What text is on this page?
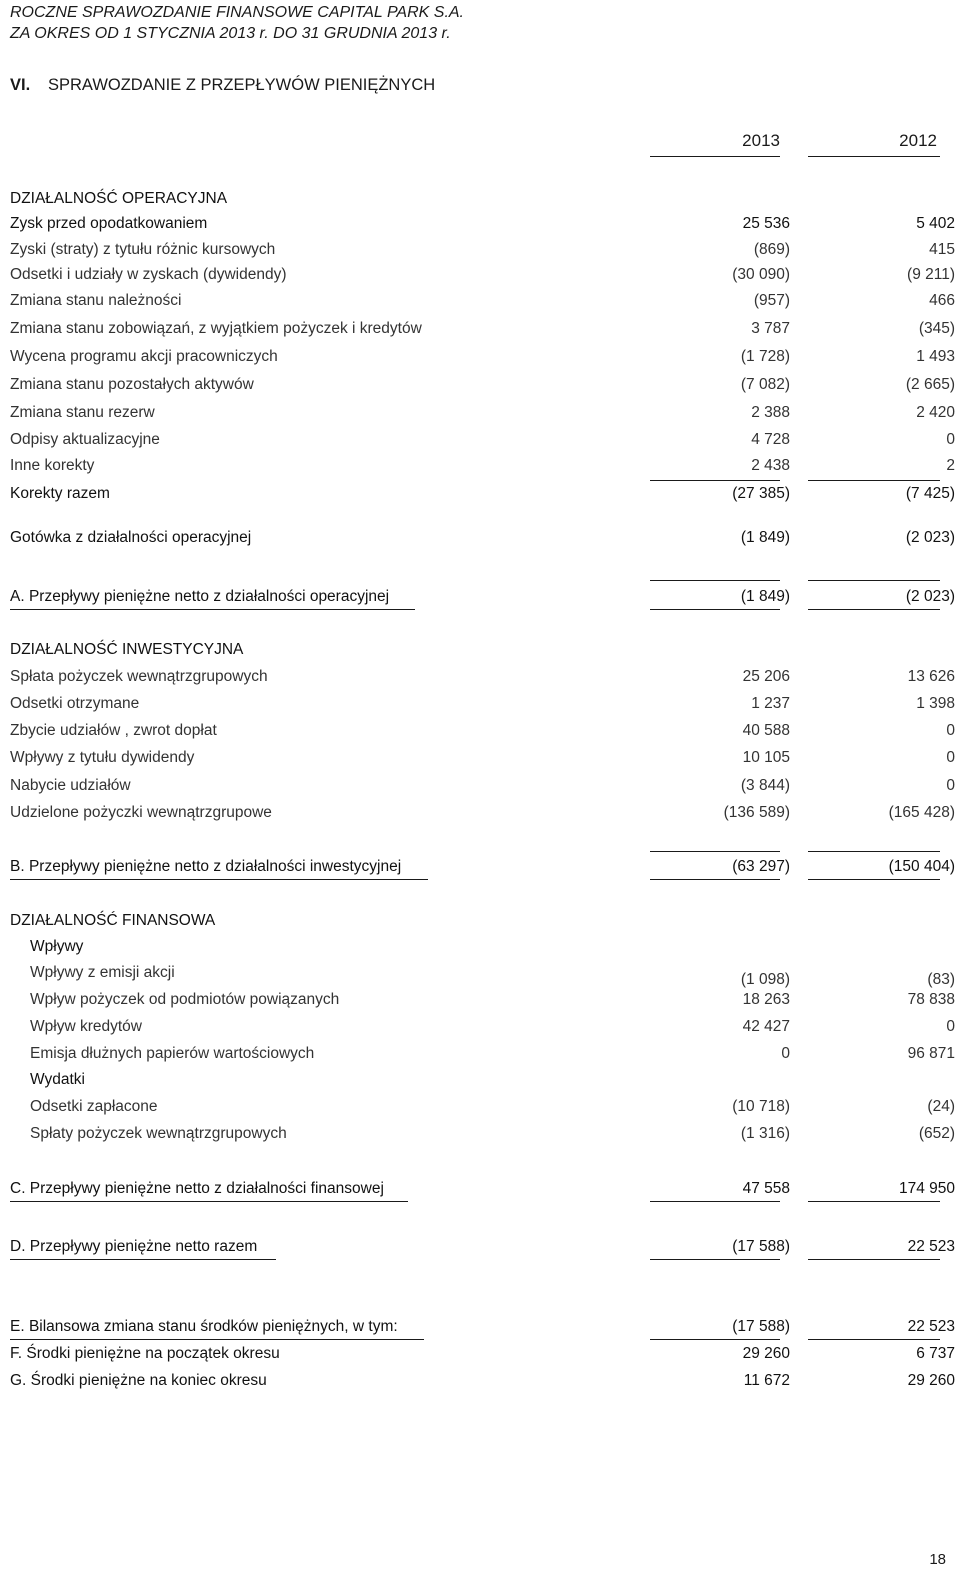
ROCZNE SPRAWOZDANIE FINANSOWE CAPITAL PARK S.A.
ZA OKRES OD 1 STYCZNIA 2013 r. DO 31 GRUDNIA 2013 r.
VI. SPRAWOZDANIE Z PRZEPŁYWÓW PIENIĘŻNYCH
2013	2012
DZIAŁALNOŚĆ OPERACYJNA
Zysk przed opodatkowaniem	25 536	5 402
Zyski (straty) z tytułu różnic kursowych	(869)	415
Odsetki i udziały w zyskach (dywidendy)	(30 090)	(9 211)
Zmiana stanu należności	(957)	466
Zmiana stanu zobowiązań, z wyjątkiem pożyczek i kredytów	3 787	(345)
Wycena programu akcji pracowniczych	(1 728)	1 493
Zmiana stanu pozostałych aktywów	(7 082)	(2 665)
Zmiana stanu rezerw	2 388	2 420
Odpisy aktualizacyjne	4 728	0
Inne korekty	2 438	2
Korekty razem	(27 385)	(7 425)
Gotówka z działalności operacyjnej	(1 849)	(2 023)
A. Przepływy pieniężne netto z działalności operacyjnej	(1 849)	(2 023)
DZIAŁALNOŚĆ INWESTYCYJNA
Spłata pożyczek wewnątrzgrupowych	25 206	13 626
Odsetki otrzymane	1 237	1 398
Zbycie udziałów , zwrot dopłat	40 588	0
Wpływy z tytułu dywidendy	10 105	0
Nabycie udziałów	(3 844)	0
Udzielone pożyczki wewnątrzgrupowe	(136 589)	(165 428)
B. Przepływy pieniężne netto z działalności inwestycyjnej	(63 297)	(150 404)
DZIAŁALNOŚĆ FINANSOWA
Wpływy
Wpływy z emisji akcji	(1 098)	(83)
Wpływ pożyczek od podmiotów powiązanych	18 263	78 838
Wpływ kredytów	42 427	0
Emisja dłużnych papierów wartościowych	0	96 871
Wydatki
Odsetki zapłacone	(10 718)	(24)
Spłaty pożyczek wewnątrzgrupowych	(1 316)	(652)
C. Przepływy pieniężne netto z działalności finansowej	47 558	174 950
D. Przepływy pieniężne netto razem	(17 588)	22 523
E. Bilansowa zmiana stanu środków pieniężnych, w tym:	(17 588)	22 523
F. Środki pieniężne na początek okresu	29 260	6 737
G. Środki pieniężne na koniec okresu	11 672	29 260
18
